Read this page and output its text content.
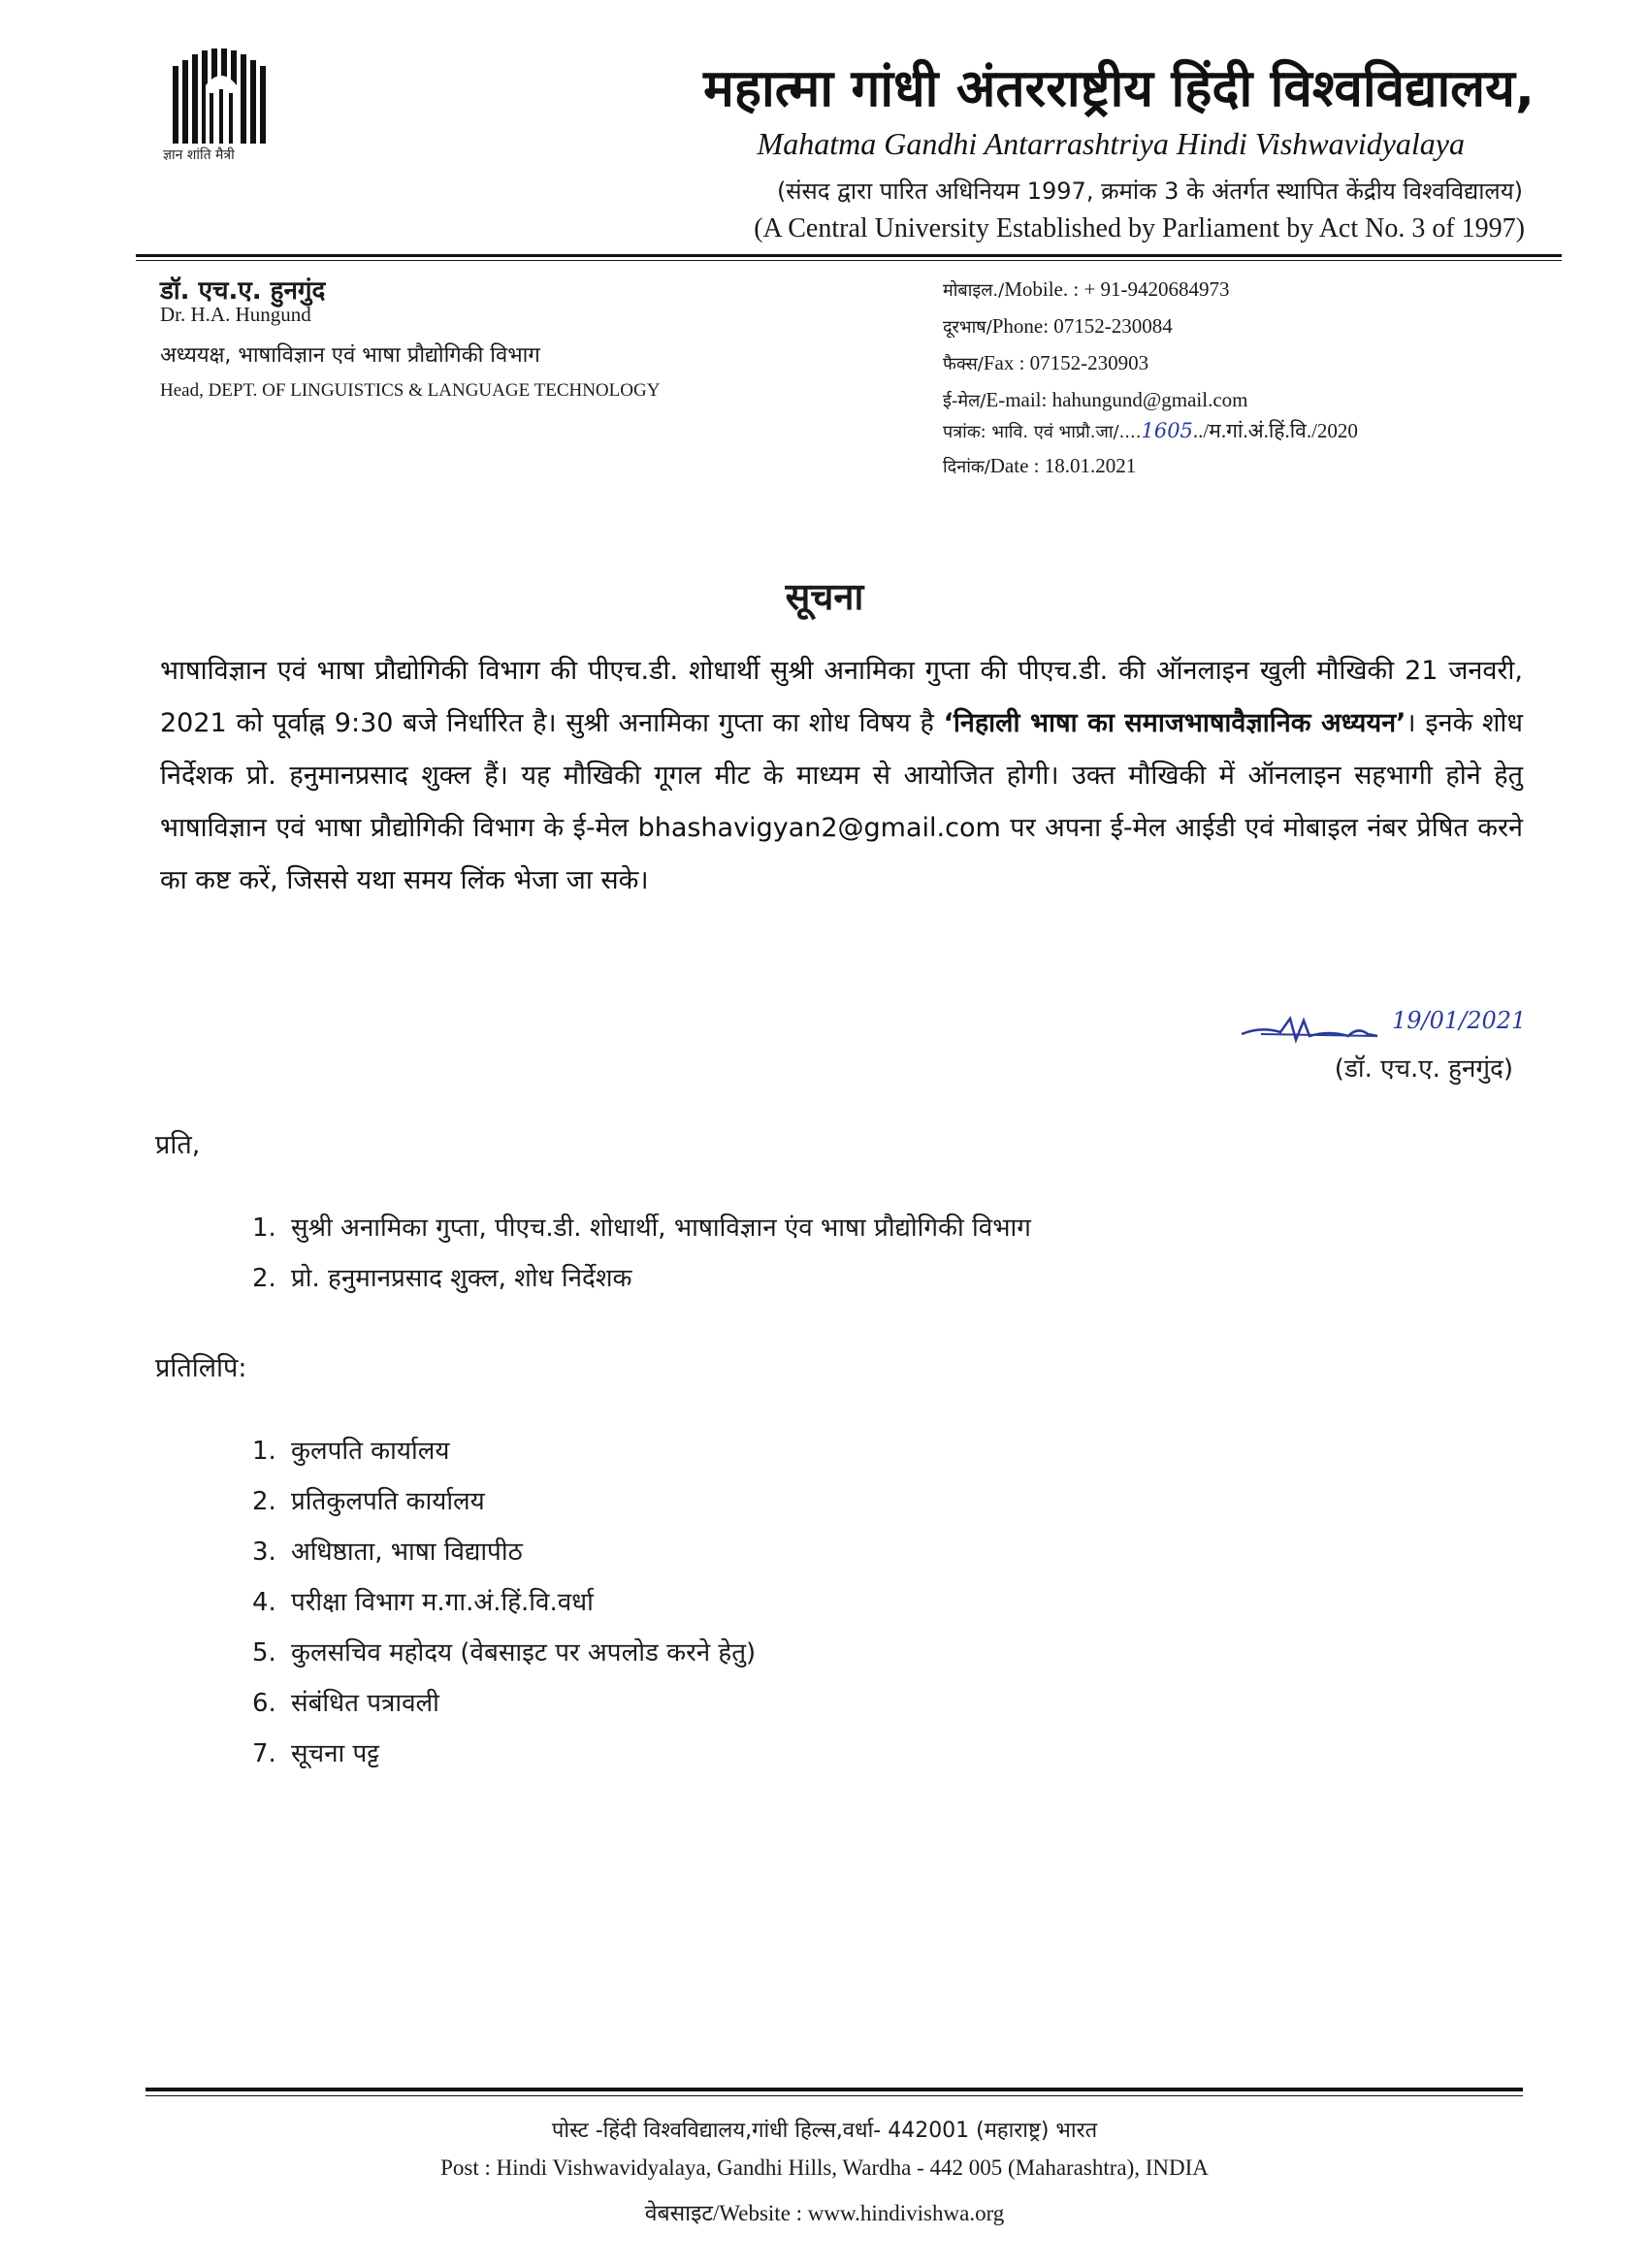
ज्ञान शांति मैत्री
महात्मा गांधी अंतरराष्ट्रीय हिंदी विश्वविद्यालय,
Mahatma Gandhi Antarrashtriya Hindi Vishwavidyalaya
(संसद द्वारा पारित अधिनियम 1997, क्रमांक 3 के अंतर्गत स्थापित केंद्रीय विश्वविद्यालय)
(A Central University Established by Parliament by Act No. 3 of 1997)
डॉ. एच.ए. हुनगुंद
Dr. H.A. Hungund
अध्ययक्ष, भाषाविज्ञान एवं भाषा प्रौद्योगिकी विभाग
Head, DEPT. OF LINGUISTICS & LANGUAGE TECHNOLOGY
मोबाइल./Mobile. : + 91-9420684973
दूरभाष/Phone: 07152-230084
फैक्स/Fax : 07152-230903
ई-मेल/E-mail: hahungund@gmail.com
पत्रांक: भावि. एवं भाप्रौ.जा/....1605../म.गां.अं.हिं.वि./2020
दिनांक/Date : 18.01.2021
सूचना
भाषाविज्ञान एवं भाषा प्रौद्योगिकी विभाग की पीएच.डी. शोधार्थी सुश्री अनामिका गुप्ता की पीएच.डी. की ऑनलाइन खुली मौखिकी 21 जनवरी, 2021 को पूर्वाह्न 9:30 बजे निर्धारित है। सुश्री अनामिका गुप्ता का शोध विषय है ‘निहाली भाषा का समाजभाषावैज्ञानिक अध्ययन’। इनके शोध निर्देशक प्रो. हनुमानप्रसाद शुक्ल हैं। यह मौखिकी गूगल मीट के माध्यम से आयोजित होगी। उक्त मौखिकी में ऑनलाइन सहभागी होने हेतु भाषाविज्ञान एवं भाषा प्रौद्योगिकी विभाग के ई-मेल bhashavigyan2@gmail.com पर अपना ई-मेल आईडी एवं मोबाइल नंबर प्रेषित करने का कष्ट करें, जिससे यथा समय लिंक भेजा जा सके।
19/01/2021
(डॉ. एच.ए. हुनगुंद)
प्रति,
1. सुश्री अनामिका गुप्ता, पीएच.डी. शोधार्थी, भाषाविज्ञान एंव भाषा प्रौद्योगिकी विभाग
2. प्रो. हनुमानप्रसाद शुक्ल, शोध निर्देशक
प्रतिलिपि:
1. कुलपति कार्यालय
2. प्रतिकुलपति कार्यालय
3. अधिष्ठाता, भाषा विद्यापीठ
4. परीक्षा विभाग म.गा.अं.हिं.वि.वर्धा
5. कुलसचिव महोदय (वेबसाइट पर अपलोड करने हेतु)
6. संबंधित पत्रावली
7. सूचना पट्ट
पोस्ट -हिंदी विश्वविद्यालय,गांधी हिल्स,वर्धा- 442001 (महाराष्ट्र) भारत
Post : Hindi Vishwavidyalaya, Gandhi Hills, Wardha - 442 005 (Maharashtra), INDIA
वेबसाइट/Website : www.hindivishwa.org
